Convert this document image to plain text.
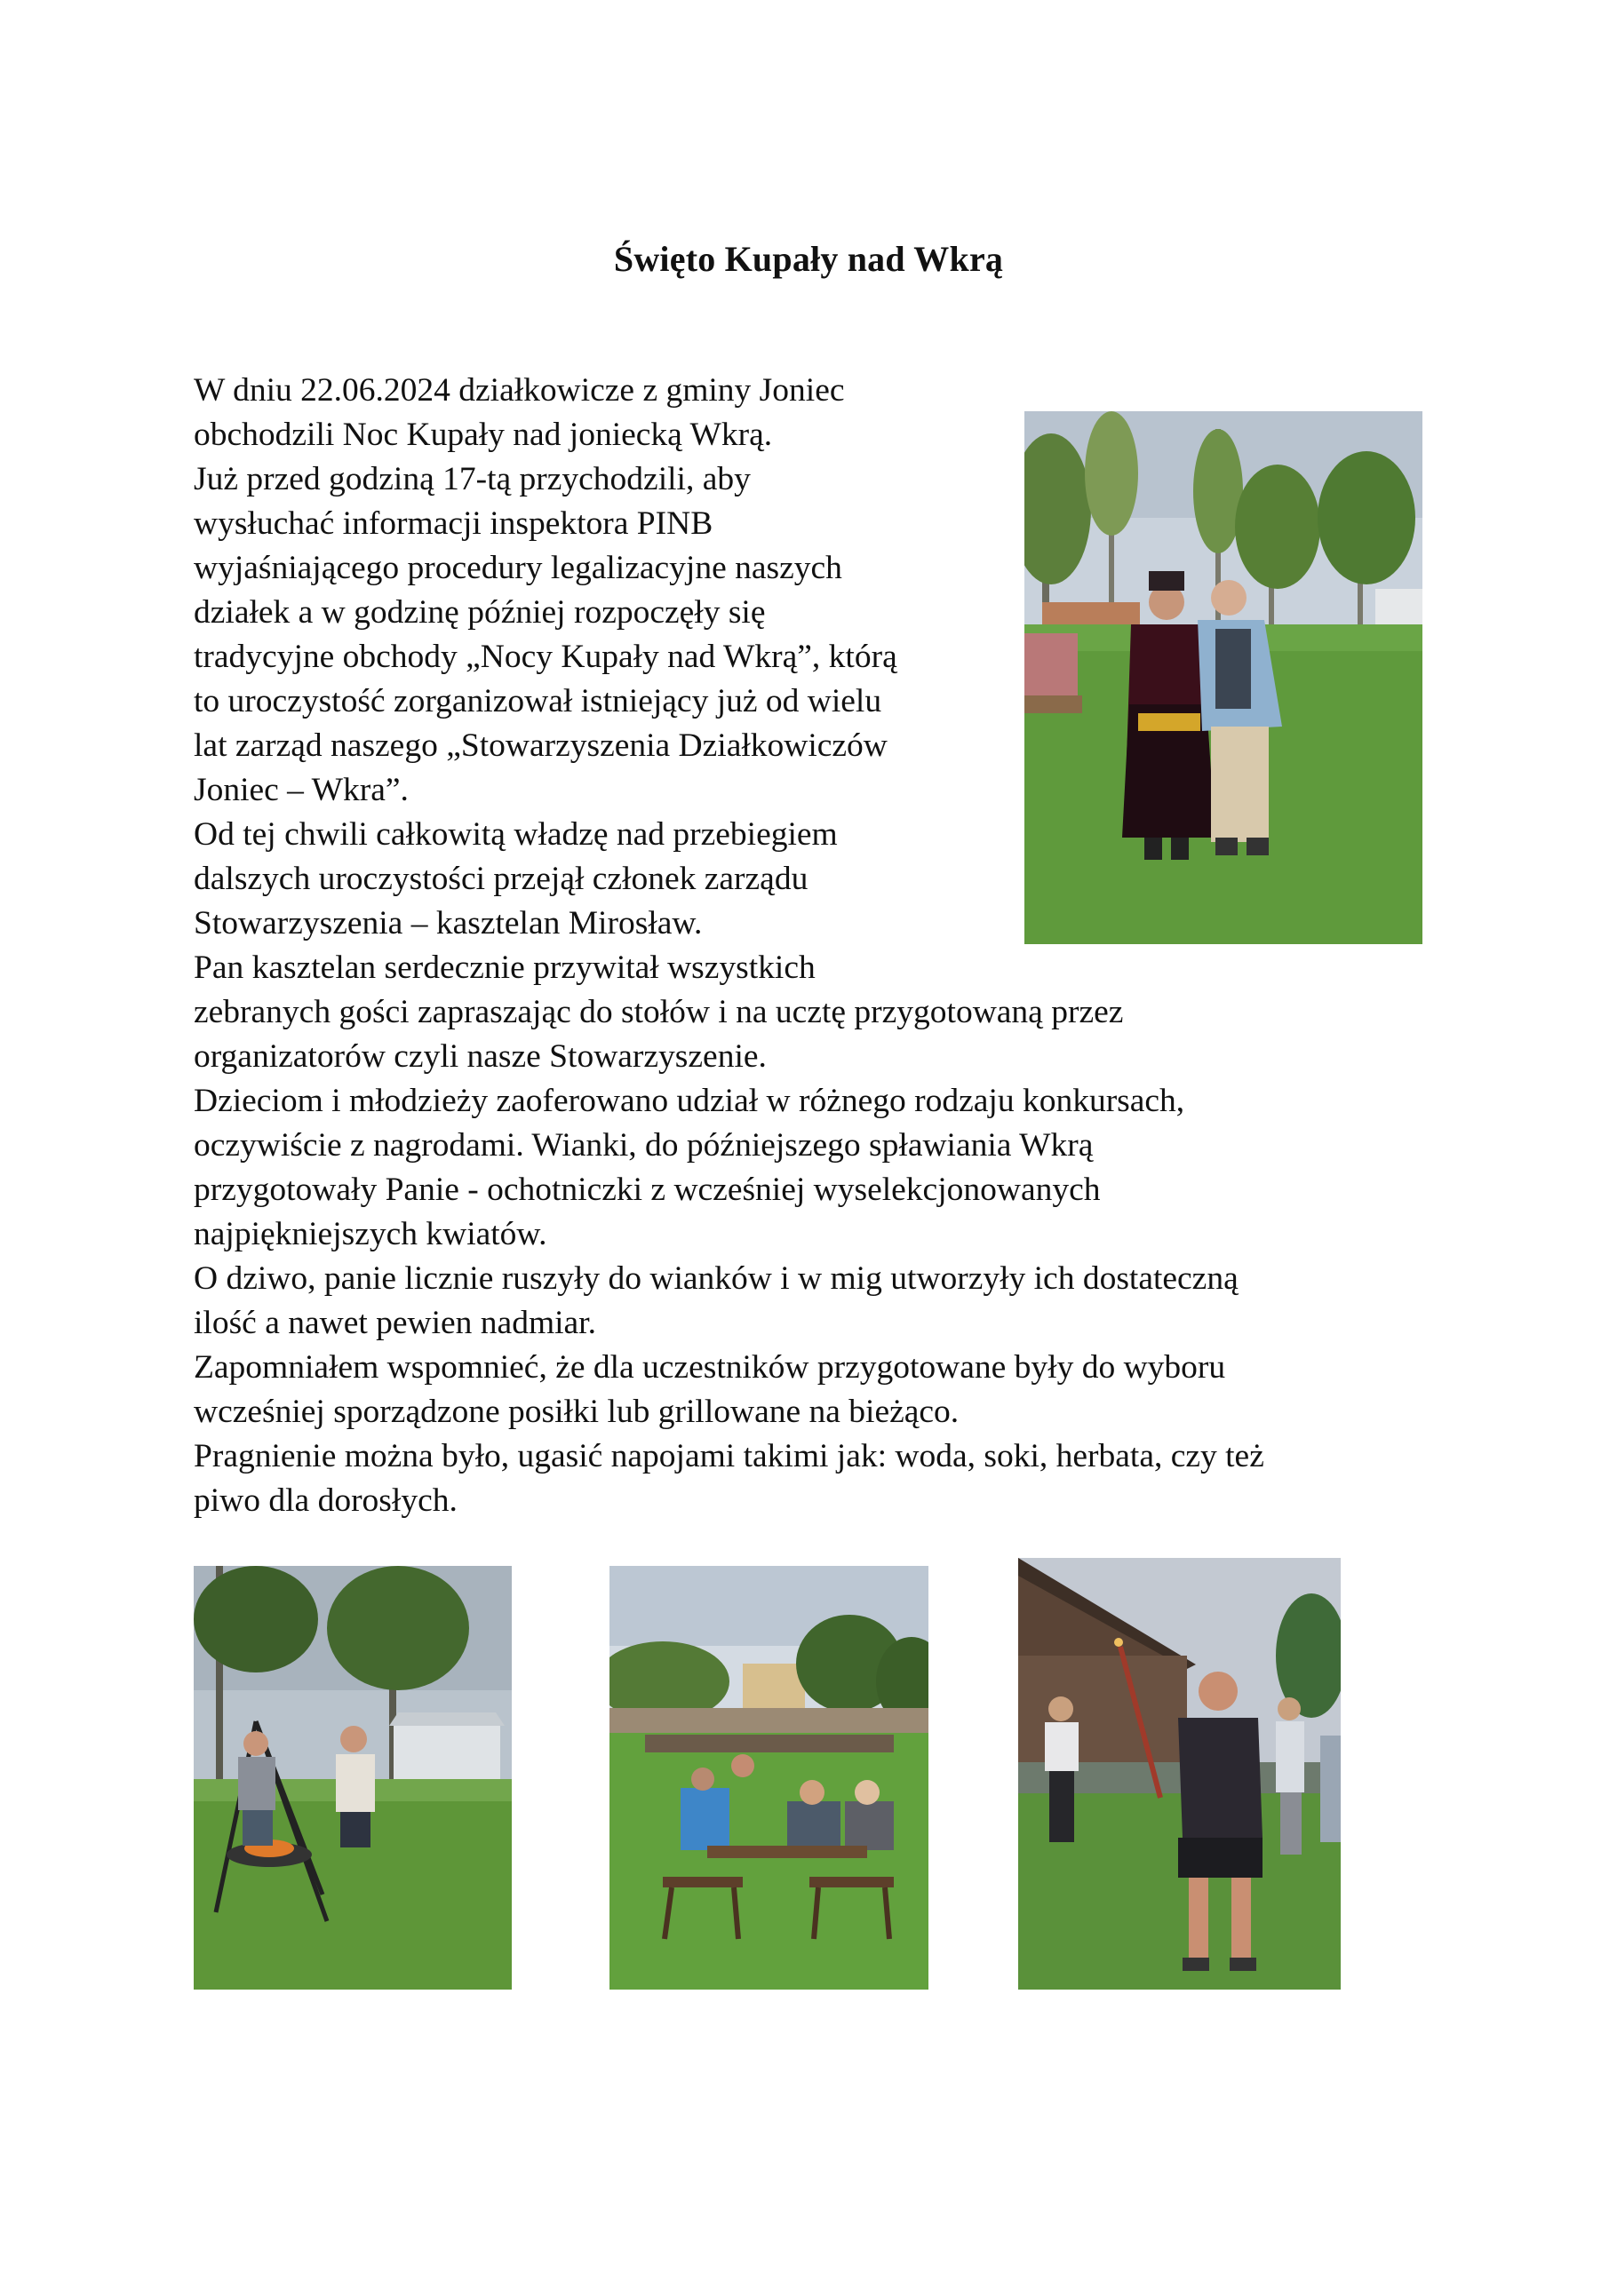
Święto Kupały nad Wkrą
W dniu 22.06.2024 działkowicze z gminy Joniec
obchodzili Noc Kupały nad joniecką Wkrą.
Już przed godziną 17-tą przychodzili, aby
wysłuchać informacji inspektora PINB
wyjaśniającego procedury legalizacyjne naszych
działek a w godzinę później rozpoczęły się
tradycyjne obchody „Nocy Kupały nad Wkrą”, którą
to uroczystość zorganizował istniejący już od wielu
lat zarząd naszego „Stowarzyszenia Działkowiczów
Joniec – Wkra”.
Od tej chwili całkowitą władzę nad przebiegiem
dalszych uroczystości przejął członek zarządu
Stowarzyszenia – kasztelan Mirosław.
Pan kasztelan serdecznie przywitał wszystkich
zebranych gości zapraszając do stołów i na ucztę przygotowaną przez
organizatorów czyli nasze Stowarzyszenie.
Dzieciom i młodzieży zaoferowano udział w różnego rodzaju konkursach,
oczywiście z nagrodami. Wianki, do późniejszego spławiania Wkrą
przygotowały Panie - ochotniczki z wcześniej wyselekcjonowanych
najpiękniejszych kwiatów.
O dziwo, panie licznie ruszyły do wianków i w mig utworzyły ich dostateczną
ilość a nawet pewien nadmiar.
Zapomniałem wspomnieć, że dla uczestników przygotowane były do wyboru
wcześniej sporządzone posiłki lub grillowane na bieżąco.
Pragnienie można było, ugasić napojami takimi jak: woda, soki, herbata, czy też
piwo dla dorosłych.
